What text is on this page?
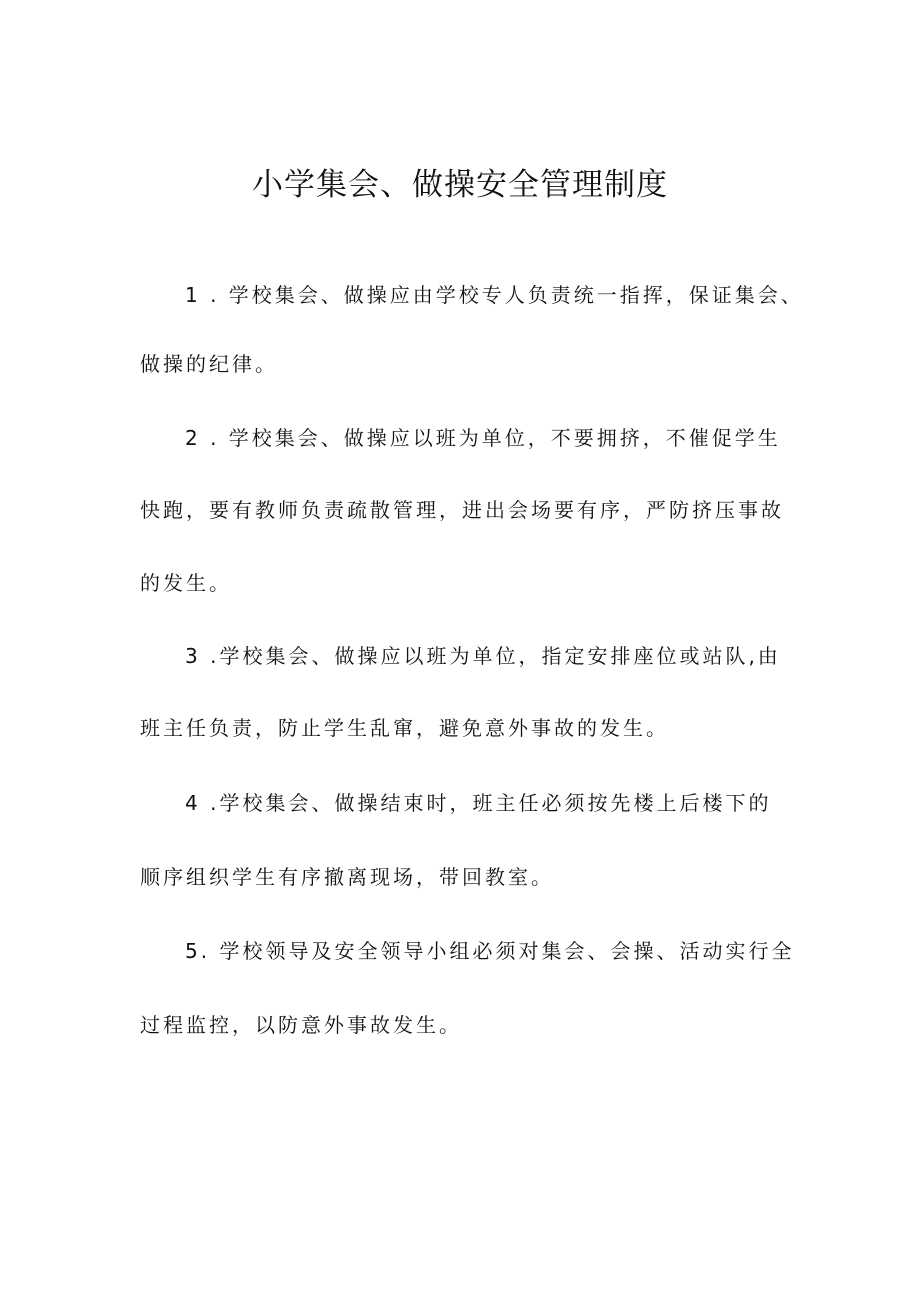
小学集会、做操安全管理制度
1 . 学校集会、做操应由学校专人负责统一指挥，保证集会、
做操的纪律。
2 . 学校集会、做操应以班为单位，不要拥挤，不催促学生
快跑，要有教师负责疏散管理，进出会场要有序，严防挤压事故
的发生。
3 .学校集会、做操应以班为单位，指定安排座位或站队,由
班主任负责，防止学生乱窜，避免意外事故的发生。
4 .学校集会、做操结束时，班主任必须按先楼上后楼下的
顺序组织学生有序撤离现场，带回教室。
5. 学校领导及安全领导小组必须对集会、会操、活动实行全
过程监控，以防意外事故发生。
